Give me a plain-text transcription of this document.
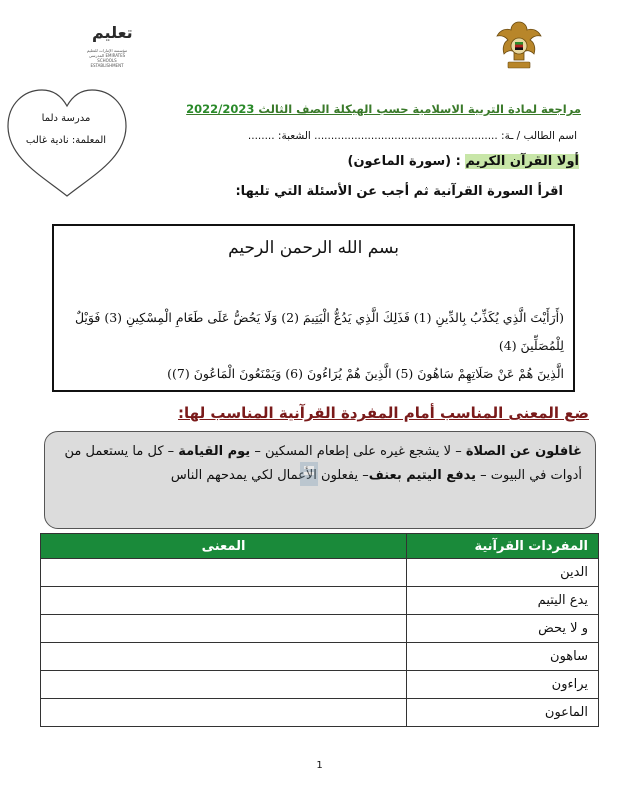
تعليم
مؤسسة الإمارات للتعليم المدرسي EMIRATES SCHOOLS ESTABLISHMENT
مدرسة دلما
المعلمة: نادية غالب
مراجعة لمادة التربية الاسلامية حسب الهيكلة الصف الثالث 2022/2023
اسم الطالب / ـة: ....................................................... الشعبة: ........
أولا القرآن الكريم : (سورة الماعون)
اقرأ السورة القرآنية ثم أجب عن الأسئلة التي تليها:
بسم الله الرحمن الرحيم
(أَرَأَيْتَ الَّذِي يُكَذِّبُ بِالدِّينِ (1) فَذَلِكَ الَّذِي يَدُعُّ الْيَتِيمَ (2) وَلَا يَحُضُّ عَلَى طَعَامِ الْمِسْكِينِ (3) فَوَيْلٌ لِلْمُصَلِّينَ (4)
الَّذِينَ هُمْ عَنْ صَلَاتِهِمْ سَاهُونَ (5) الَّذِينَ هُمْ يُرَاءُونَ (6) وَيَمْنَعُونَ الْمَاعُونَ (7))
ضع المعنى المناسب أمام المفردة القرآنية المناسب لها:
غافلون عن الصلاة – لا يشجع غيره على إطعام المسكين – يوم القيامة – كل ما يستعمل من أدوات في البيوت – يدفع اليتيم بعنف– يفعلون الأعمال لكي يمدحهم الناس
المفردات القرآنية	المعنى
الدين	
يدع اليتيم	
و لا يحض	
ساهون	
يراءون	
الماعون	
1
